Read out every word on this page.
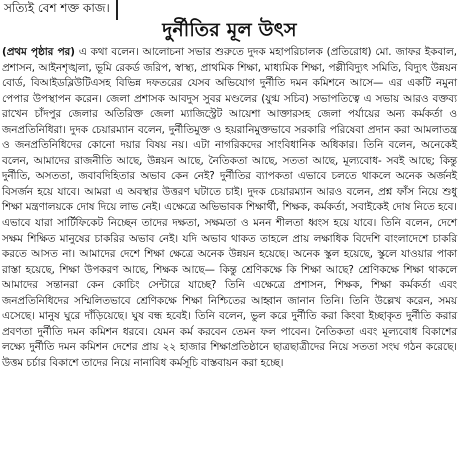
সত্যিই বেশ শক্ত কাজ।
দুর্নীতির মূল উৎস
(প্রথম পৃষ্ঠার পর) এ কথা বলেন। আলোচনা সভার শুরুতে দুদক মহাপরিচালক (প্রতিরোধ) মো. জাফর ইকবাল, প্রশাসন, আইনশৃঙ্খলা, ভূমি রেকর্ড জরিপ, স্বাস্থ্য, প্রাথমিক শিক্ষা, মাধ্যমিক শিক্ষা, পল্লীবিদ্যুৎ সমিতি, বিদ্যুৎ উন্নয়ন বোর্ড, বিআইডব্লিউটিএসহ বিভিন্ন দফতরের যেসব অভিযোগ দুর্নীতি দমন কমিশনে আসে— এর একটি নমুনা পেপার উপস্থাপন করেন। জেলা প্রশাসক আবদুস সুবর মণ্ডলের (যুগ্ম সচিব) সভাপতিত্বে এ সভায় আরও বক্তব্য রাখেন চাঁদপুর জেলার অতিরিক্ত জেলা ম্যাজিস্ট্রেট আয়েশা আক্তারসহ জেলা পর্যায়ের অন্য কর্মকর্তা ও জনপ্রতিনিধিরা। দুদক চেয়ারম্যান বলেন, দুর্নীতিমুক্ত ও হয়রানিমুক্তভাবে সরকারি পরিষেবা প্রদান করা আমলাতন্ত্র ও জনপ্রতিনিধিদের কোনো দয়ার বিষয় নয়। এটা নাগরিকদের সাংবিধানিক অধিকার। তিনি বলেন, অনেকেই বলেন, আমাদের রাজনীতি আছে, উন্নয়ন আছে, নৈতিকতা আছে, সততা আছে, মূল্যবোধ- সবই আছে; কিন্তু দুর্নীতি, অসততা, জবাবদিহিতার অভাব কেন নেই? দুর্নীতির ব্যাপকতা এভাবে চলতে থাকলে অনেক অর্জনই বিসর্জন হয়ে যাবে। আমরা এ অবস্থার উত্তরণ ঘটাতে চাই। দুদক চেয়ারম্যান আরও বলেন, প্রশ্ন ফাঁস নিয়ে শুধু শিক্ষা মন্ত্রণালয়কে দোষ দিয়ে লাভ নেই। এক্ষেত্রে অভিভাবক শিক্ষার্থী, শিক্ষক, কর্মকর্তা, সবাইকেই দোষ নিতে হবে। এভাবে যারা সার্টিফিকেট নিচ্ছেন তাদের দক্ষতা, সক্ষমতা ও মনন শীলতা ধ্বংস হয়ে যাবে। তিনি বলেন, দেশে সক্ষম শিক্ষিত মানুষের চাকরির অভাব নেই। যদি অভাব থাকত তাহলে প্রায় লক্ষাধিক বিদেশি বাংলাদেশে চাকরি করতে আসত না। আমাদের দেশে শিক্ষা ক্ষেত্রে অনেক উন্নয়ন হয়েছে। অনেক স্কুল হয়েছে, স্কুলে যাওয়ার পাকা রাস্তা হয়েছে, শিক্ষা উপকরণ আছে, শিক্ষক আছে— কিন্তু শ্রেণিকক্ষে কি শিক্ষা আছে? শ্রেণিকক্ষে শিক্ষা থাকলে আমাদের সন্তানরা কেন কোচিং সেন্টারে যাচ্ছে? তিনি এক্ষেত্রে প্রশাসন, শিক্ষক, শিক্ষা কর্মকর্তা এবং জনপ্রতিনিধিদের সম্মিলিতভাবে শ্রেণিকক্ষে শিক্ষা নিশ্চিতের আহ্বান জানান তিনি। তিনি উল্লেখ করেন, সময় এসেছে। মানুষ ঘুরে দাঁড়িয়েছে। ঘুষ বন্ধ হবেই। তিনি বলেন, ভুল করে দুর্নীতি করা কিংবা ইচ্ছাকৃত দুর্নীতি করার প্রবণতা দুর্নীতি দমন কমিশন ধরবে। যেমন কর্ম করবেন তেমন ফল পাবেন। নৈতিকতা এবং মূল্যবোধ বিকাশের লক্ষ্যে দুর্নীতি দমন কমিশন দেশের প্রায় ২২ হাজার শিক্ষাপ্রতিষ্ঠানে ছাত্রছাত্রীদের নিয়ে সততা সংঘ গঠন করেছে। উত্তম চর্চার বিকাশে তাদের নিয়ে নানাবিধ কর্মসূচি বাস্তবায়ন করা হচ্ছে।
